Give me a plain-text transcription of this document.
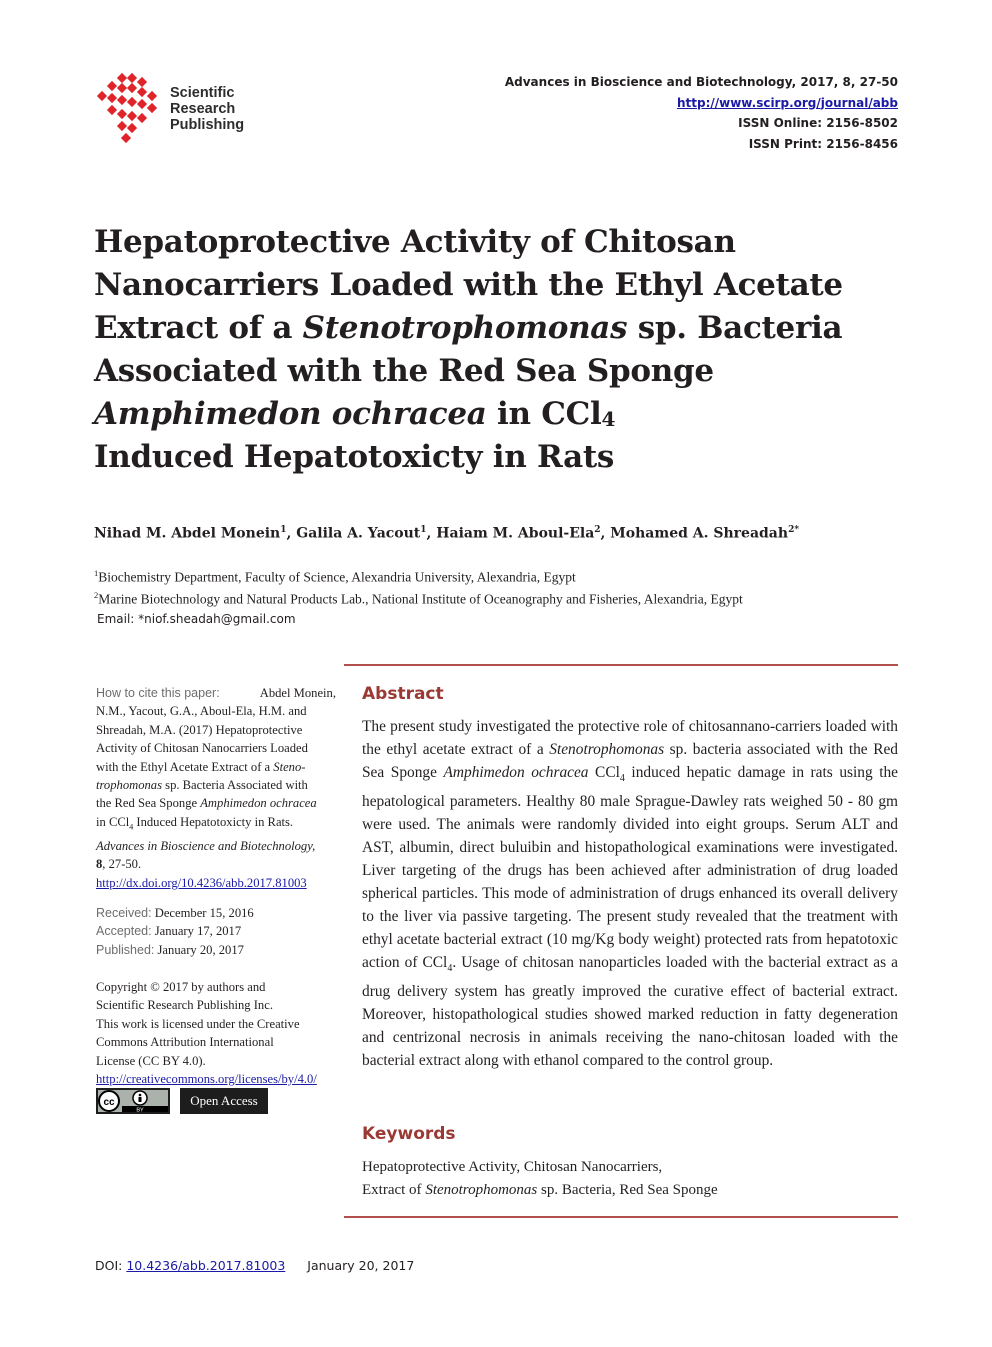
Scientific
Research
Publishing
Advances in Bioscience and Biotechnology, 2017, 8, 27-50
http://www.scirp.org/journal/abb
ISSN Online: 2156-8502
ISSN Print: 2156-8456
Hepatoprotective Activity of Chitosan
Nanocarriers Loaded with the Ethyl Acetate
Extract of a Stenotrophomonas sp. Bacteria
Associated with the Red Sea Sponge
Amphimedon ochracea in CCl$_4$
Induced Hepatotoxicty in Rats
Nihad M. Abdel Monein$^1$, Galila A. Yacout$^1$, Haiam M. Aboul-Ela$^2$, Mohamed A. Shreadah$^{2*}$
$^1$Biochemistry Department, Faculty of Science, Alexandria University, Alexandria, Egypt
$^2$Marine Biotechnology and Natural Products Lab., National Institute of Oceanography and Fisheries, Alexandria, Egypt
Email: *niof.sheadah@gmail.com
How to cite this paper:	Abdel Monein,
N.M., Yacout, G.A., Aboul-Ela, H.M. and
Shreadah, M.A. (2017) Hepatoprotective
Activity of Chitosan Nanocarriers Loaded
with the Ethyl Acetate Extract of a Steno-
trophomonas sp. Bacteria Associated with
the Red Sea Sponge Amphimedon ochracea
in CCl$_4$ Induced Hepatotoxicty in Rats.
Advances in Bioscience and Biotechnology,
8, 27-50.
http://dx.doi.org/10.4236/abb.2017.81003
Received: December 15, 2016
Accepted: January 17, 2017
Published: January 20, 2017
Copyright © 2017 by authors and
Scientific Research Publishing Inc.
This work is licensed under the Creative
Commons Attribution International
License (CC BY 4.0).
http://creativecommons.org/licenses/by/4.0/
cc
BY
Open Access
Abstract
The present study investigated the protective role of chitosannano-carriers loaded with the ethyl acetate extract of a Stenotrophomonas sp. bacteria associated with the Red Sea Sponge Amphimedon ochracea CCl$_4$ induced hepatic damage in rats using the hepatological parameters. Healthy 80 male Sprague-Dawley rats weighed 50 - 80 gm were used. The animals were randomly divided into eight groups. Serum ALT and AST, albumin, direct buluibin and histopathological examinations were investigated. Liver targeting of the drugs has been achieved after administration of drug loaded spherical particles. This mode of administration of drugs enhanced its overall delivery to the liver via passive targeting. The present study revealed that the treatment with ethyl acetate bacterial extract (10 mg/Kg body weight) protected rats from hepatotoxic action of CCl$_4$. Usage of chitosan nanoparticles loaded with the bacterial extract as a drug delivery system has greatly improved the curative effect of bacterial extract. Moreover, histopathological studies showed marked reduction in fatty degeneration and centrizonal necrosis in animals receiving the nano-chitosan loaded with the bacterial extract along with ethanol compared to the control group.
Keywords
Hepatoprotective Activity, Chitosan Nanocarriers,
Extract of Stenotrophomonas sp. Bacteria, Red Sea Sponge
DOI: 10.4236/abb.2017.81003 January 20, 2017
